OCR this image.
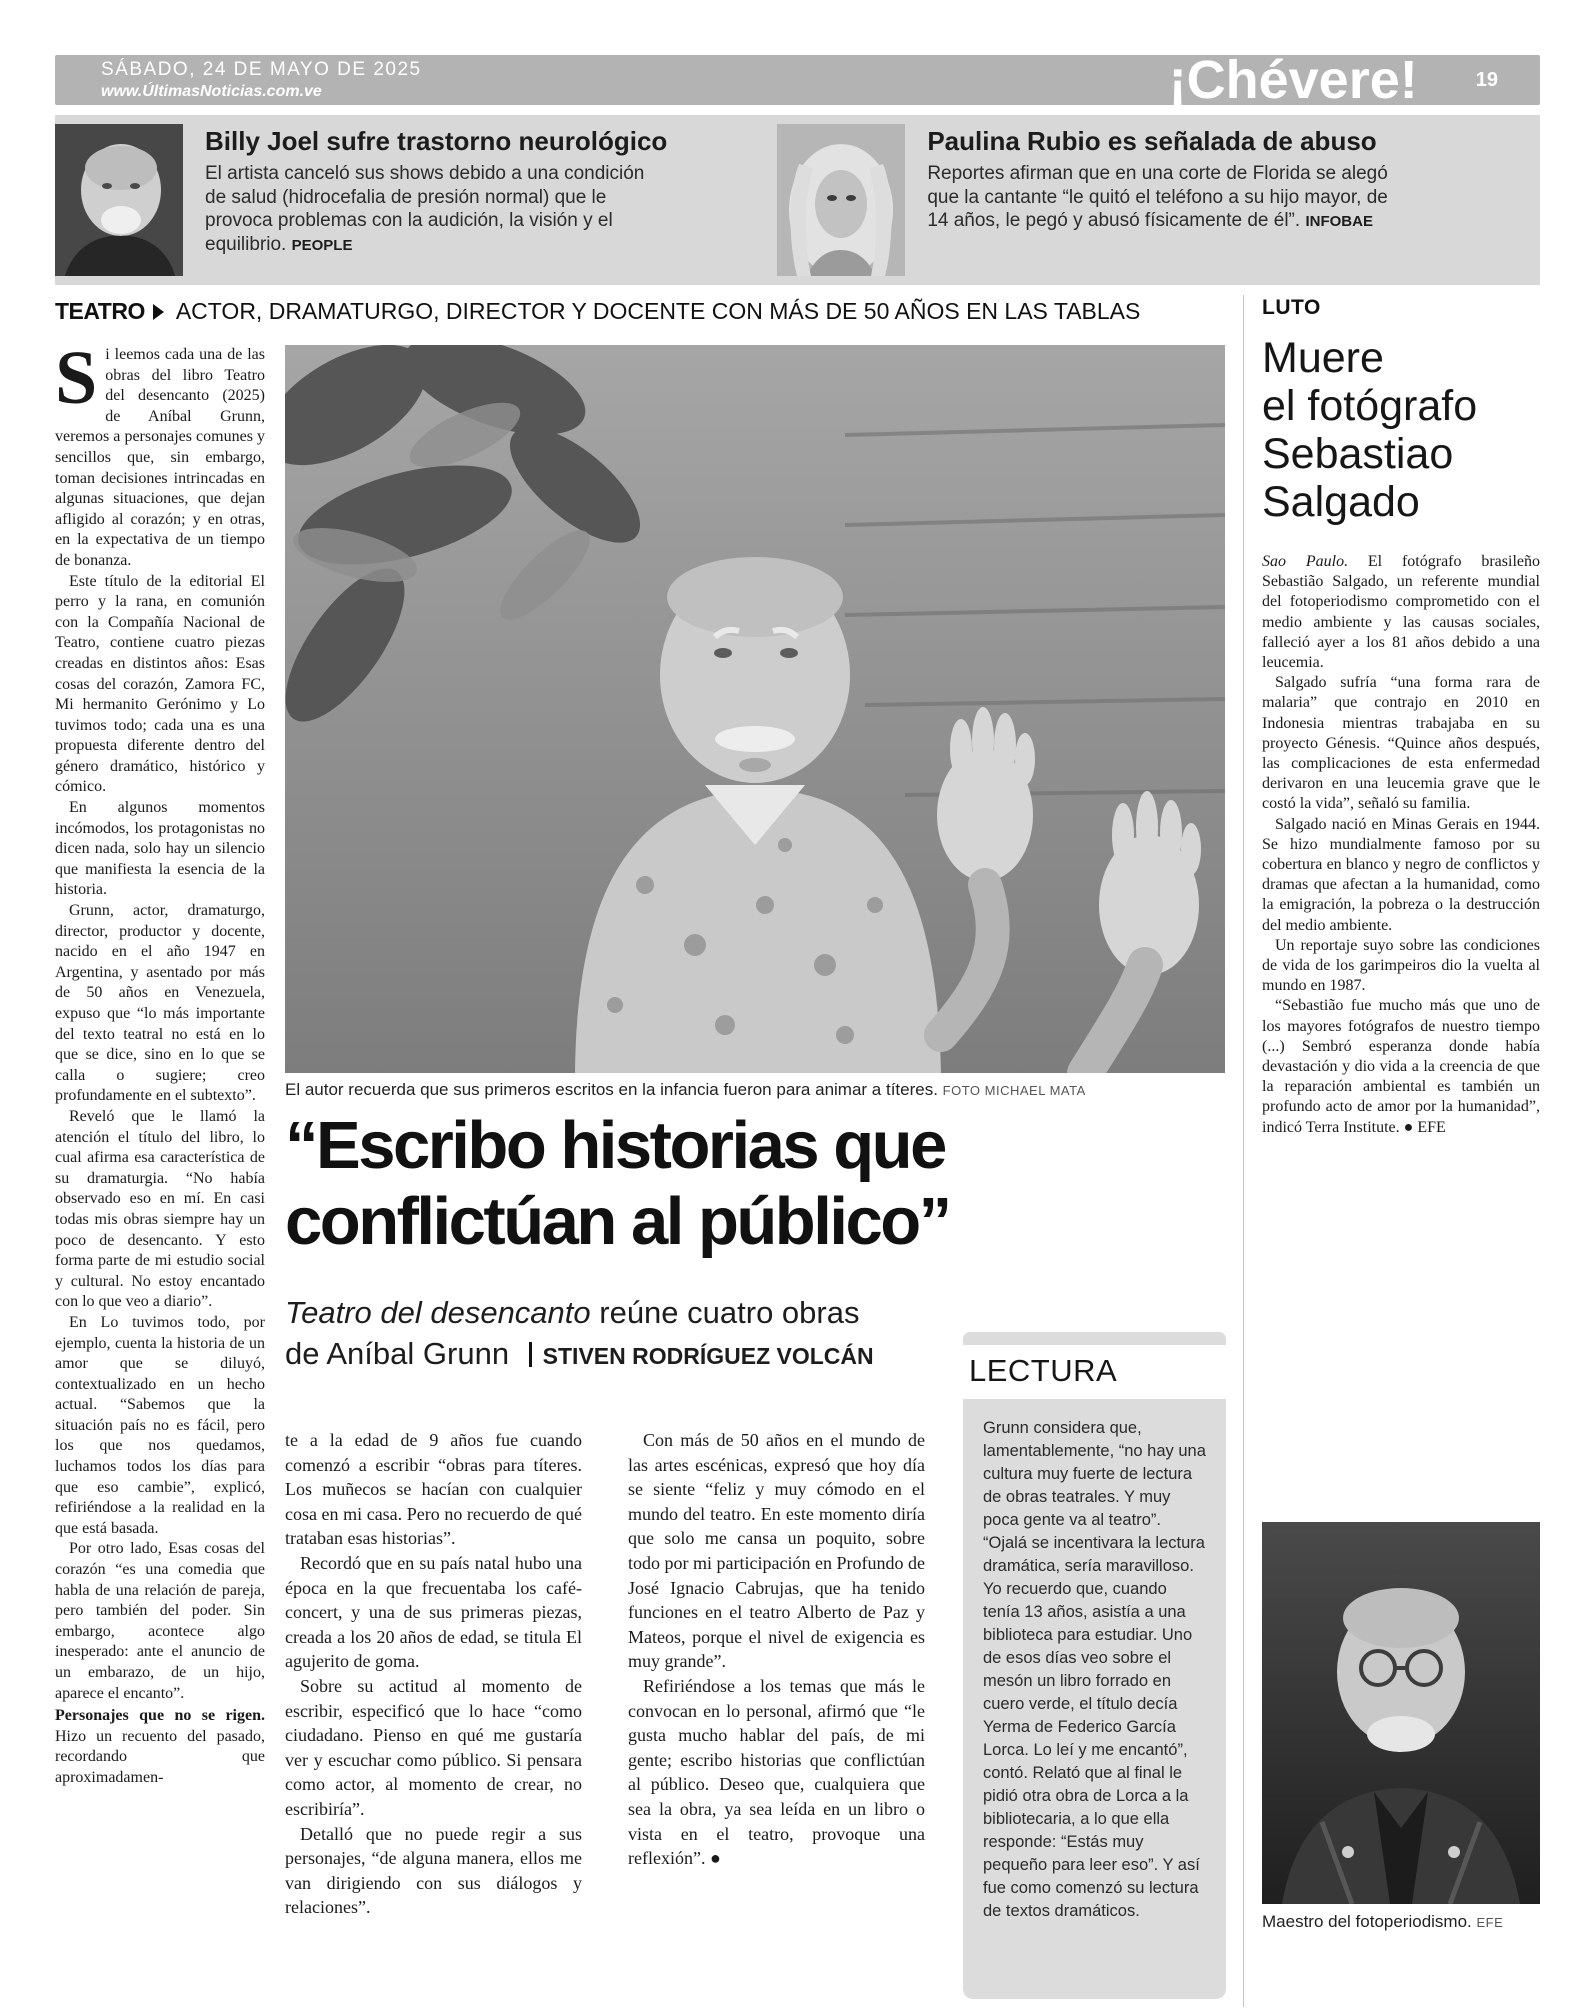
SÁBADO, 24 DE MAYO DE 2025
www.ÚltimasNoticias.com.ve	¡Chévere!	19
Billy Joel sufre trastorno neurológico

El artista canceló sus shows debido a una condición de salud (hidrocefalia de presión normal) que le provoca problemas con la audición, la visión y el equilibrio. PEOPLE

Paulina Rubio es señalada de abuso

Reportes afirman que en una corte de Florida se alegó que la cantante “le quitó el teléfono a su hijo mayor, de 14 años, le pegó y abusó físicamente de él”. INFOBAE

TEATRO ACTOR, DRAMATURGO, DIRECTOR Y DOCENTE CON MÁS DE 50 AÑOS EN LAS TABLAS

Si leemos cada una de las obras del libro Teatro del desencanto (2025) de Aníbal Grunn, veremos a personajes comunes y sencillos que, sin embargo, toman decisiones intrincadas en algunas situaciones, que dejan afligido al corazón; y en otras, en la expectativa de un tiempo de bonanza.

Este título de la editorial El perro y la rana, en comunión con la Compañía Nacional de Teatro, contiene cuatro piezas creadas en distintos años: Esas cosas del corazón, Zamora FC, Mi hermanito Gerónimo y Lo tuvimos todo; cada una es una propuesta diferente dentro del género dramático, histórico y cómico.

En algunos momentos incómodos, los protagonistas no dicen nada, solo hay un silencio que manifiesta la esencia de la historia.

Grunn, actor, dramaturgo, director, productor y docente, nacido en el año 1947 en Argentina, y asentado por más de 50 años en Venezuela, expuso que “lo más importante del texto teatral no está en lo que se dice, sino en lo que se calla o sugiere; creo profundamente en el subtexto”.

Reveló que le llamó la atención el título del libro, lo cual afirma esa característica de su dramaturgia. “No había observado eso en mí. En casi todas mis obras siempre hay un poco de desencanto. Y esto forma parte de mi estudio social y cultural. No estoy encantado con lo que veo a diario”.

En Lo tuvimos todo, por ejemplo, cuenta la historia de un amor que se diluyó, contextualizado en un hecho actual. “Sabemos que la situación país no es fácil, pero los que nos quedamos, luchamos todos los días para que eso cambie”, explicó, refiriéndose a la realidad en la que está basada.

Por otro lado, Esas cosas del corazón “es una comedia que habla de una relación de pareja, pero también del poder. Sin embargo, acontece algo inesperado: ante el anuncio de un embarazo, de un hijo, aparece el encanto”.

Personajes que no se rigen. Hizo un recuento del pasado, recordando que aproximadamen-

El autor recuerda que sus primeros escritos en la infancia fueron para animar a títeres. FOTO MICHAEL MATA
“Escribo historias que
conflictúan al público”
Teatro del desencanto reúne cuatro obras
de Aníbal Grunn STIVEN RODRÍGUEZ VOLCÁN

te a la edad de 9 años fue cuando comenzó a escribir “obras para títeres. Los muñecos se hacían con cualquier cosa en mi casa. Pero no recuerdo de qué trataban esas historias”.

Recordó que en su país natal hubo una época en la que frecuentaba los café-concert, y una de sus primeras piezas, creada a los 20 años de edad, se titula El agujerito de goma.

Sobre su actitud al momento de escribir, especificó que lo hace “como ciudadano. Pienso en qué me gustaría ver y escuchar como público. Si pensara como actor, al momento de crear, no escribiría”.

Detalló que no puede regir a sus personajes, “de alguna manera, ellos me van dirigiendo con sus diálogos y relaciones”.

Con más de 50 años en el mundo de las artes escénicas, expresó que hoy día se siente “feliz y muy cómodo en el mundo del teatro. En este momento diría que solo me cansa un poquito, sobre todo por mi participación en Profundo de José Ignacio Cabrujas, que ha tenido funciones en el teatro Alberto de Paz y Mateos, porque el nivel de exigencia es muy grande”.

Refiriéndose a los temas que más le convocan en lo personal, afirmó que “le gusta mucho hablar del país, de mi gente; escribo historias que conflictúan al público. Deseo que, cualquiera que sea la obra, ya sea leída en un libro o vista en el teatro, provoque una reflexión”. ●

LECTURA

Grunn considera que, lamentablemente, “no hay una cultura muy fuerte de lectura de obras teatrales. Y muy poca gente va al teatro”. “Ojalá se incentivara la lectura dramática, sería maravilloso. Yo recuerdo que, cuando tenía 13 años, asistía a una biblioteca para estudiar. Uno de esos días veo sobre el mesón un libro forrado en cuero verde, el título decía Yerma de Federico García Lorca. Lo leí y me encantó”, contó. Relató que al final le pidió otra obra de Lorca a la bibliotecaria, a lo que ella responde: “Estás muy pequeño para leer eso”. Y así fue como comenzó su lectura de textos dramáticos.

LUTO
Muere
el fotógrafo
Sebastiao
Salgado

Sao Paulo. El fotógrafo brasileño Sebastião Salgado, un referente mundial del fotoperiodismo comprometido con el medio ambiente y las causas sociales, falleció ayer a los 81 años debido a una leucemia.

Salgado sufría “una forma rara de malaria” que contrajo en 2010 en Indonesia mientras trabajaba en su proyecto Génesis. “Quince años después, las complicaciones de esta enfermedad derivaron en una leucemia grave que le costó la vida”, señaló su familia.

Salgado nació en Minas Gerais en 1944. Se hizo mundialmente famoso por su cobertura en blanco y negro de conflictos y dramas que afectan a la humanidad, como la emigración, la pobreza o la destrucción del medio ambiente.

Un reportaje suyo sobre las condiciones de vida de los garimpeiros dio la vuelta al mundo en 1987.

“Sebastião fue mucho más que uno de los mayores fotógrafos de nuestro tiempo (...) Sembró esperanza donde había devastación y dio vida a la creencia de que la reparación ambiental es también un profundo acto de amor por la humanidad”, indicó Terra Institute. ● EFE

Maestro del fotoperiodismo. EFE
